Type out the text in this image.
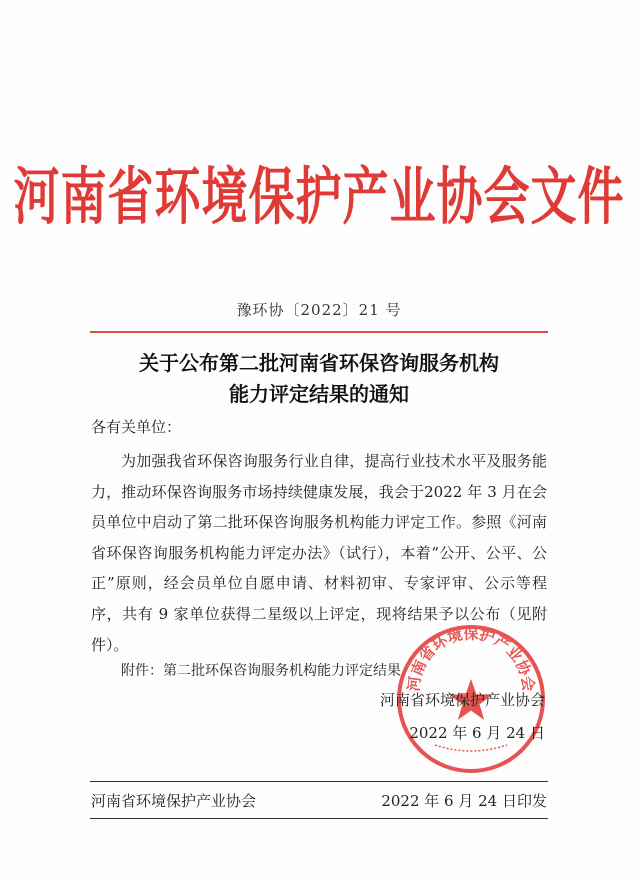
河南省环境保护产业协会文件
豫环协〔2022〕21 号
关于公布第二批河南省环保咨询服务机构
能力评定结果的通知
各有关单位：

为加强我省环保咨询服务行业自律，提高行业技术水平及服务能力，推动环保咨询服务市场持续健康发展，我会于2022 年 3 月在会员单位中启动了第二批环保咨询服务机构能力评定工作。参照《河南省环保咨询服务机构能力评定办法》（试行），本着“公开、公平、公正”原则，经会员单位自愿申请、材料初审、专家评审、公示等程序，共有 9 家单位获得二星级以上评定，现将结果予以公布（见附件）。

附件：第二批环保咨询服务机构能力评定结果
河南省环境保护产业协会
河南省环境保护产业协会
2022 年 6 月 24 日
河南省环境保护产业协会	2022 年 6 月 24 日印发
